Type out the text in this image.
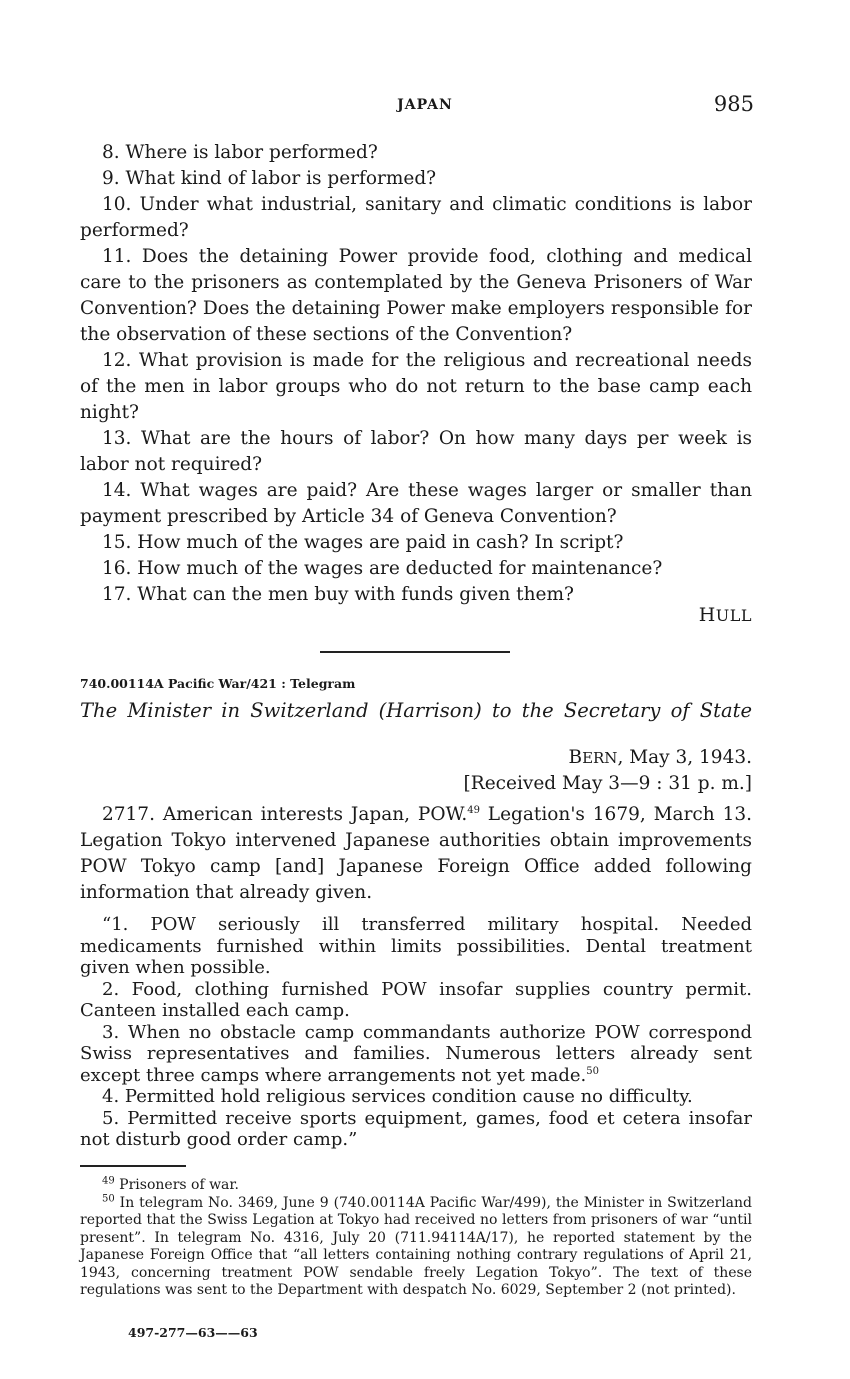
JAPAN	985

8. Where is labor performed?

9. What kind of labor is performed?

10. Under what industrial, sanitary and climatic conditions is labor performed?

11. Does the detaining Power provide food, clothing and medical care to the prisoners as contemplated by the Geneva Prisoners of War Convention? Does the detaining Power make employers responsible for the observation of these sections of the Convention?

12. What provision is made for the religious and recreational needs of the men in labor groups who do not return to the base camp each night?

13. What are the hours of labor? On how many days per week is labor not required?

14. What wages are paid? Are these wages larger or smaller than payment prescribed by Article 34 of Geneva Convention?

15. How much of the wages are paid in cash? In script?

16. How much of the wages are deducted for maintenance?

17. What can the men buy with funds given them?

HULL
740.00114A Pacific War/421 : Telegram
The Minister in Switzerland (Harrison) to the Secretary of State
BERN, May 3, 1943.
[Received May 3—9 : 31 p. m.]

2717. American interests Japan, POW.$^{49}$ Legation's 1679, March 13. Legation Tokyo intervened Japanese authorities obtain improvements POW Tokyo camp [and] Japanese Foreign Office added following information that already given.

“1. POW seriously ill transferred military hospital. Needed medicaments furnished within limits possibilities. Dental treatment given when possible.

2. Food, clothing furnished POW insofar supplies country permit. Canteen installed each camp.

3. When no obstacle camp commandants authorize POW correspond Swiss representatives and families. Numerous letters already sent except three camps where arrangements not yet made.$^{50}$

4. Permitted hold religious services condition cause no difficulty.

5. Permitted receive sports equipment, games, food et cetera insofar not disturb good order camp.”

$^{49}$ Prisoners of war.

$^{50}$ In telegram No. 3469, June 9 (740.00114A Pacific War/499), the Minister in Switzerland reported that the Swiss Legation at Tokyo had received no letters from prisoners of war “until present”. In telegram No. 4316, July 20 (711.94114A/17), he reported statement by the Japanese Foreign Office that “all letters containing nothing contrary regulations of April 21, 1943, concerning treatment POW sendable freely Legation Tokyo”. The text of these regulations was sent to the Department with despatch No. 6029, September 2 (not printed).

497-277—63——63
